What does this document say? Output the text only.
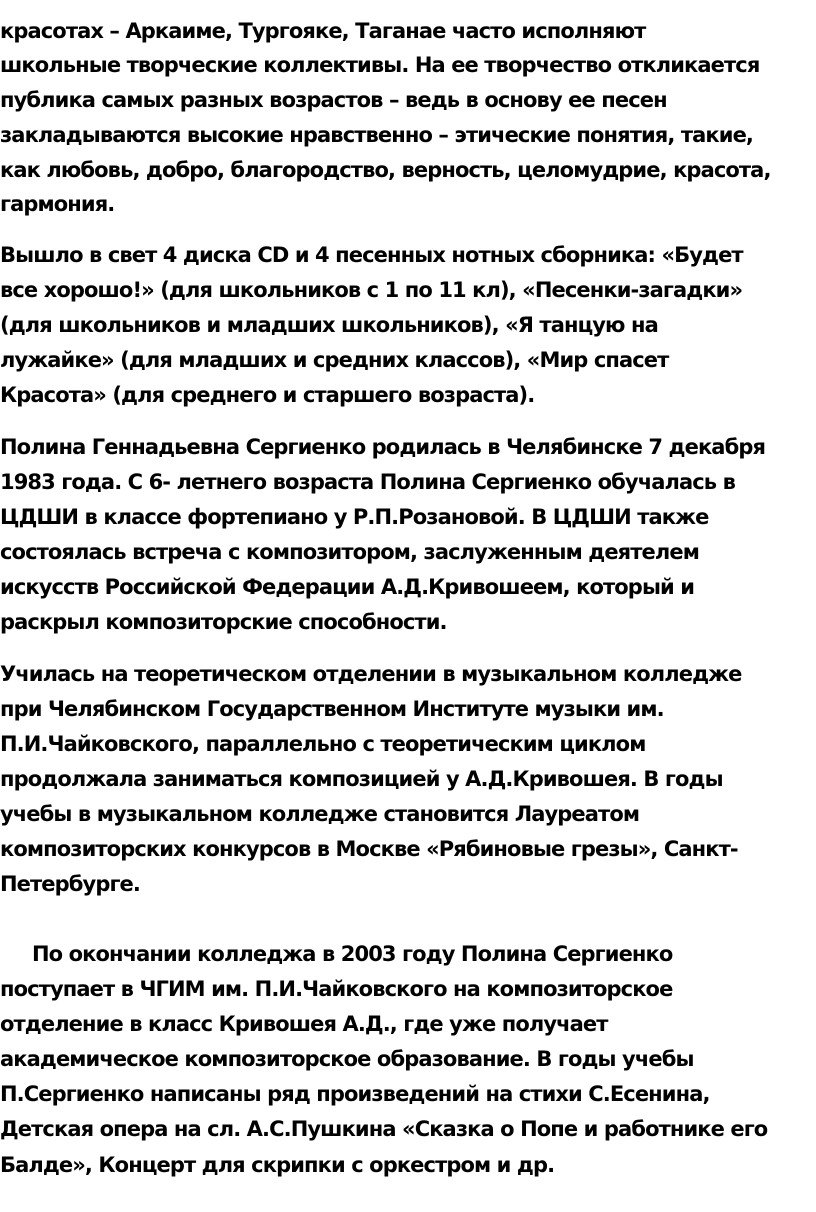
красотах – Аркаиме, Тургояке, Таганае часто исполняют
школьные творческие коллективы. На ее творчество откликается
публика самых разных возрастов – ведь в основу ее песен
закладываются высокие нравственно – этические понятия, такие,
как любовь, добро, благородство, верность, целомудрие, красота,
гармония.
Вышло в свет 4 диска CD и 4 песенных нотных сборника: «Будет
все хорошо!» (для школьников с 1 по 11 кл), «Песенки-загадки»
(для школьников и младших школьников), «Я танцую на
лужайке» (для младших и средних классов), «Мир спасет
Красота» (для среднего и старшего возраста).
Полина Геннадьевна Сергиенко родилась в Челябинске 7 декабря
1983 года. С 6- летнего возраста Полина Сергиенко обучалась в
ЦДШИ в классе фортепиано у Р.П.Розановой. В ЦДШИ также
состоялась встреча с композитором, заслуженным деятелем
искусств Российской Федерации А.Д.Кривошеем, который и
раскрыл композиторские способности.
Училась на теоретическом отделении в музыкальном колледже
при Челябинском Государственном Институте музыки им.
П.И.Чайковского, параллельно с теоретическим циклом
продолжала заниматься композицией у А.Д.Кривошея. В годы
учебы в музыкальном колледже становится Лауреатом
композиторских конкурсов в Москве «Рябиновые грезы», Санкт-
Петербурге.
По окончании колледжа в 2003 году Полина Сергиенко
поступает в ЧГИМ им. П.И.Чайковского на композиторское
отделение в класс Кривошея А.Д., где уже получает
академическое композиторское образование. В годы учебы
П.Сергиенко написаны ряд произведений на стихи С.Есенина,
Детская опера на сл. А.С.Пушкина «Сказка о Попе и работнике его
Балде», Концерт для скрипки с оркестром и др.
